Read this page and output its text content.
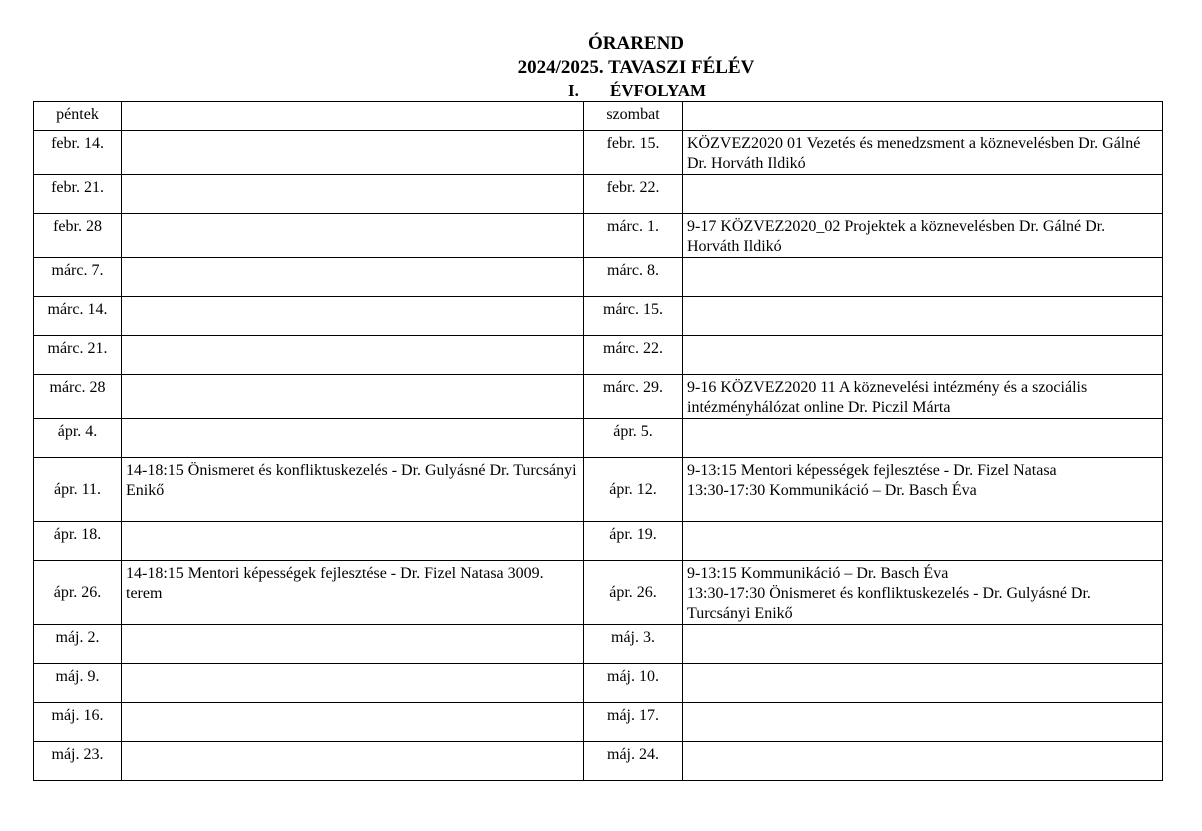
ÓRAREND
2024/2025. TAVASZI FÉLÉV
I. ÉVFOLYAM
péntek		szombat	
febr. 14.		febr. 15.	KÖZVEZ2020 01 Vezetés és menedzsment a köznevelésben Dr. Gálné Dr. Horváth Ildikó

febr. 21.		febr. 22.	
febr. 28		márc. 1.	9-17 KÖZVEZ2020_02 Projektek a köznevelésben Dr. Gálné Dr. Horváth Ildikó

márc. 7.		márc. 8.	
márc. 14.		márc. 15.	
márc. 21.		márc. 22.	
márc. 28		márc. 29.	9-16 KÖZVEZ2020 11 A köznevelési intézmény és a szociális intézményhálózat online Dr. Piczil Márta

ápr. 4.		ápr. 5.	
ápr. 11.	14-18:15 Önismeret és konfliktuskezelés - Dr. Gulyásné Dr. Turcsányi Enikő	ápr. 12.	9-13:15 Mentori képességek fejlesztése - Dr. Fizel Natasa
13:30-17:30 Kommunikáció – Dr. Basch Éva

ápr. 18.		ápr. 19.	
ápr. 26.	14-18:15 Mentori képességek fejlesztése - Dr. Fizel Natasa 3009. terem	ápr. 26.	9-13:15 Kommunikáció – Dr. Basch Éva
13:30-17:30 Önismeret és konfliktuskezelés - Dr. Gulyásné Dr. Turcsányi Enikő

máj. 2.		máj. 3.	
máj. 9.		máj. 10.	
máj. 16.		máj. 17.	
máj. 23.		máj. 24.	
